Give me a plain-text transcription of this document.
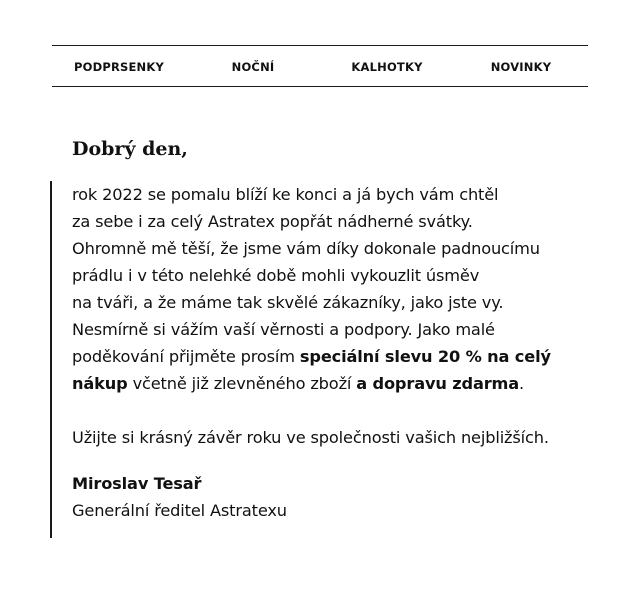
PODPRSENKY	NOČNÍ	KALHOTKY	NOVINKY
Dobrý den,
rok 2022 se pomalu blíží ke konci a já bych vám chtěl
za sebe i za celý Astratex popřát nádherné svátky.
Ohromně mě těší, že jsme vám díky dokonale padnoucímu
prádlu i v této nelehké době mohli vykouzlit úsměv
na tváři, a že máme tak skvělé zákazníky, jako jste vy.
Nesmírně si vážím vaší věrnosti a podpory. Jako malé
poděkování přijměte prosím speciální slevu 20 % na celý
nákup včetně již zlevněného zboží a dopravu zdarma.
Užijte si krásný závěr roku ve společnosti vašich nejbližších.
Miroslav Tesař
Generální ředitel Astratexu
